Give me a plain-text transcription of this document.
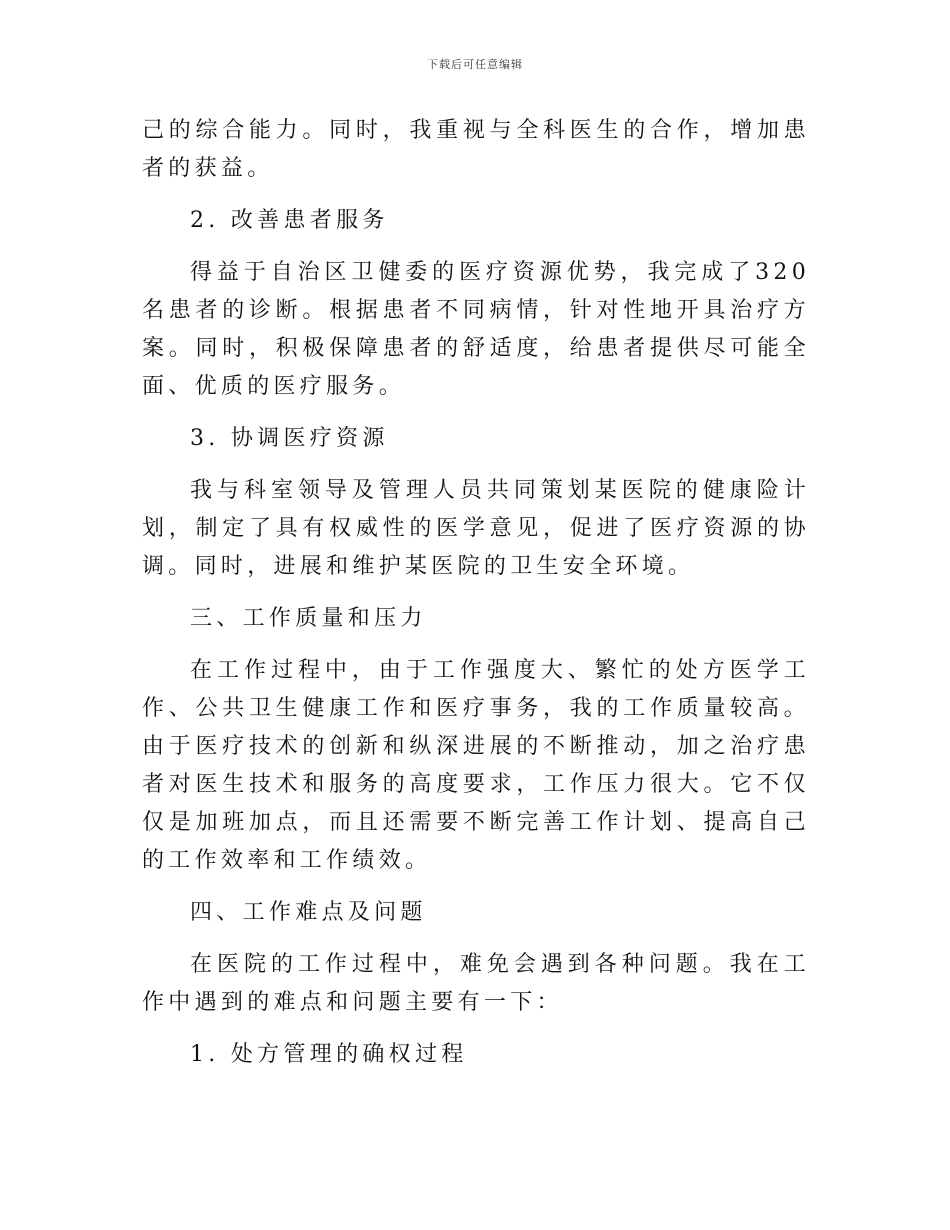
下载后可任意编辑

己的综合能力。同时，我重视与全科医生的合作，增加患者的获益。

2. 改善患者服务

得益于自治区卫健委的医疗资源优势，我完成了320名患者的诊断。根据患者不同病情，针对性地开具治疗方案。同时，积极保障患者的舒适度，给患者提供尽可能全面、优质的医疗服务。

3. 协调医疗资源

我与科室领导及管理人员共同策划某医院的健康险计划，制定了具有权威性的医学意见，促进了医疗资源的协调。同时，进展和维护某医院的卫生安全环境。

三、工作质量和压力

在工作过程中，由于工作强度大、繁忙的处方医学工作、公共卫生健康工作和医疗事务，我的工作质量较高。由于医疗技术的创新和纵深进展的不断推动，加之治疗患者对医生技术和服务的高度要求，工作压力很大。它不仅仅是加班加点，而且还需要不断完善工作计划、提高自己的工作效率和工作绩效。

四、工作难点及问题

在医院的工作过程中，难免会遇到各种问题。我在工作中遇到的难点和问题主要有一下：

1. 处方管理的确权过程
